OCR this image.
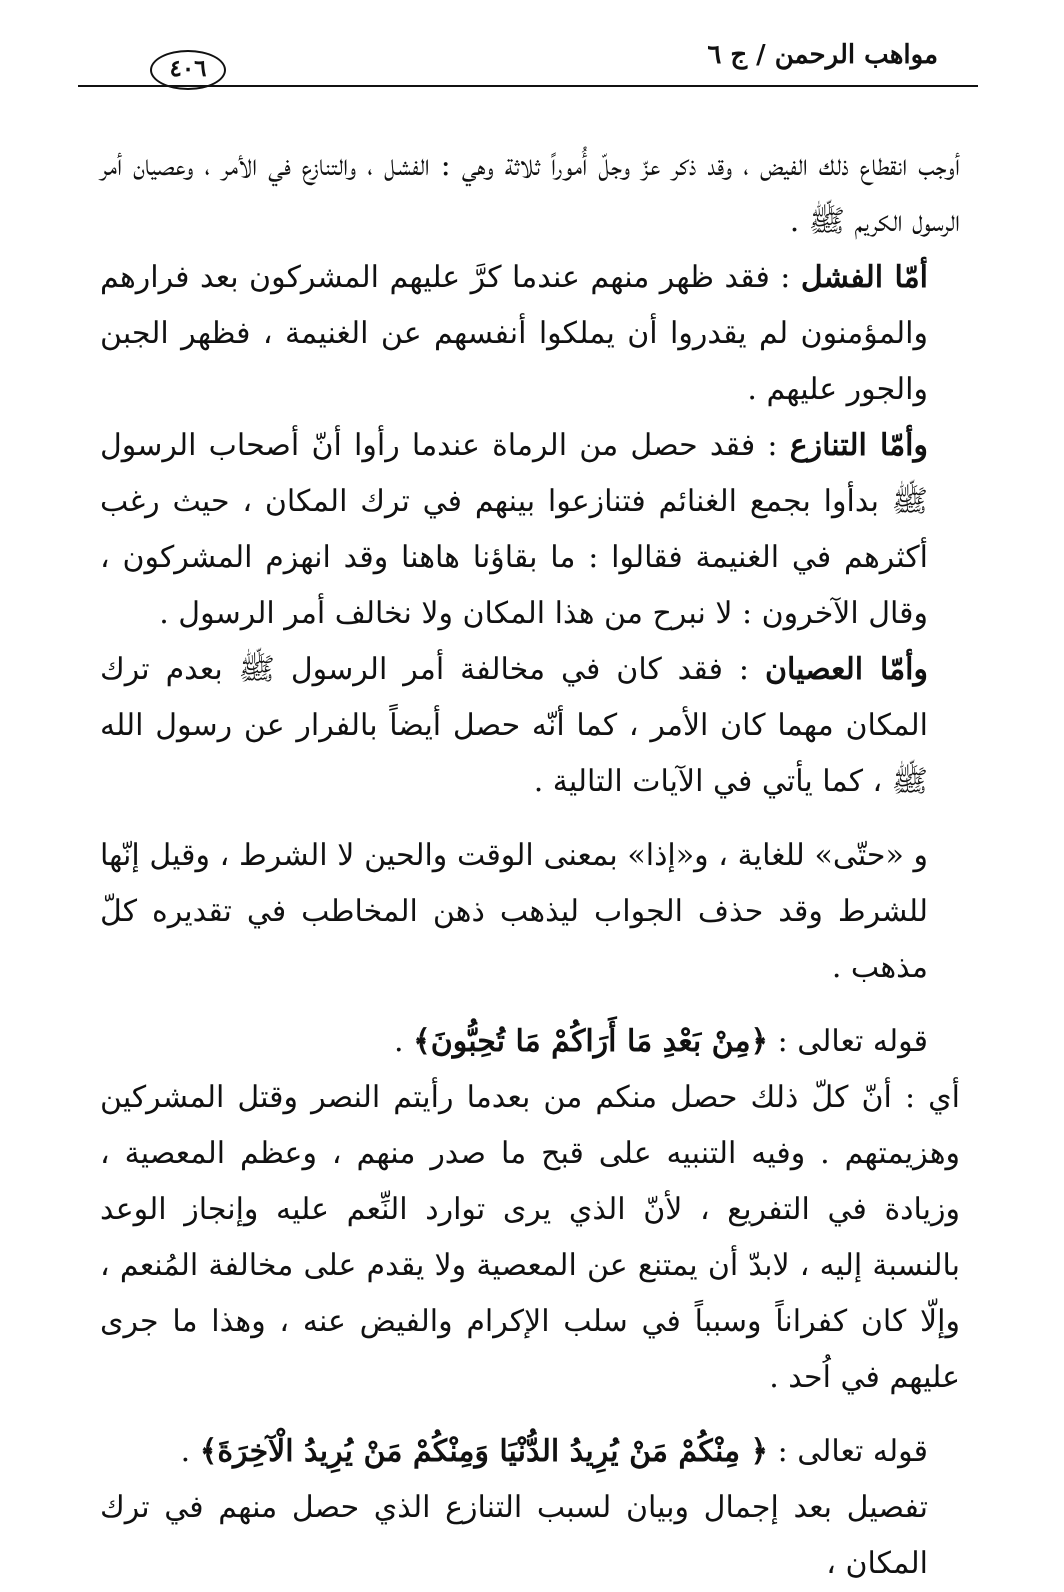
مواهب الرحمن / ج ٦
٤٠٦

أوجب انقطاع ذلك الفيض ، وقد ذكر عزّ وجلّ أُموراً ثلاثة وهي : الفشل ، والتنازع في الأمر ، وعصيان أمر الرسول الكريم ﷺ .

أمّا الفشل : فقد ظهر منهم عندما كرَّ عليهم المشركون بعد فرارهم والمؤمنون لم يقدروا أن يملكوا أنفسهم عن الغنيمة ، فظهر الجبن والجور عليهم .

وأمّا التنازع : فقد حصل من الرماة عندما رأوا أنّ أصحاب الرسول ﷺ بدأوا بجمع الغنائم فتنازعوا بينهم في ترك المكان ، حيث رغب أكثرهم في الغنيمة فقالوا : ما بقاؤنا هاهنا وقد انهزم المشركون ، وقال الآخرون : لا نبرح من هذا المكان ولا نخالف أمر الرسول .

وأمّا العصيان : فقد كان في مخالفة أمر الرسول ﷺ بعدم ترك المكان مهما كان الأمر ، كما أنّه حصل أيضاً بالفرار عن رسول الله ﷺ ، كما يأتي في الآيات التالية .

و «حتّى» للغاية ، و«إذا» بمعنى الوقت والحين لا الشرط ، وقيل إنّها للشرط وقد حذف الجواب ليذهب ذهن المخاطب في تقديره كلّ مذهب .

قوله تعالى : ﴿مِنْ بَعْدِ مَا أَرَاكُمْ مَا تُحِبُّونَ﴾ .

أي : أنّ كلّ ذلك حصل منكم من بعدما رأيتم النصر وقتل المشركين وهزيمتهم . وفيه التنبيه على قبح ما صدر منهم ، وعظم المعصية ، وزيادة في التفريع ، لأنّ الذي يرى توارد النِّعم عليه وإنجاز الوعد بالنسبة إليه ، لابدّ أن يمتنع عن المعصية ولا يقدم على مخالفة المُنعم ، وإلّا كان كفراناً وسبباً في سلب الإكرام والفيض عنه ، وهذا ما جرى عليهم في اُحد .

قوله تعالى : ﴿ مِنْكُمْ مَنْ يُرِيدُ الدُّنْيَا وَمِنْكُمْ مَنْ يُرِيدُ الْآخِرَةَ﴾ .

تفصيل بعد إجمال وبيان لسبب التنازع الذي حصل منهم في ترك المكان ،
